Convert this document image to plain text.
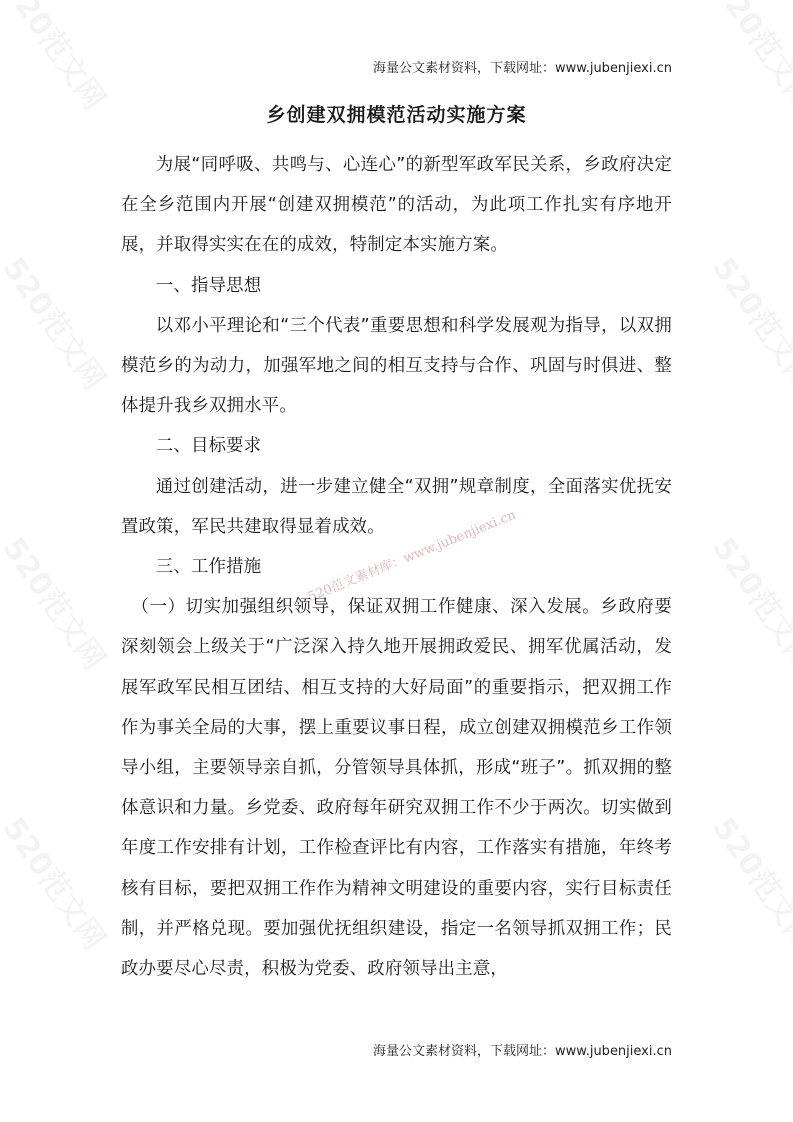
520范文素材库：www.jubenjiexi.cn
海量公文素材资料，下载网址：www.jubenjiexi.cn
乡创建双拥模范活动实施方案

为展“同呼吸、共鸣与、心连心”的新型军政军民关系，乡政府决定在全乡范围内开展“创建双拥模范”的活动，为此项工作扎实有序地开展，并取得实实在在的成效，特制定本实施方案。

一、指导思想

以邓小平理论和“三个代表”重要思想和科学发展观为指导，以双拥模范乡的为动力，加强军地之间的相互支持与合作、巩固与时俱进、整体提升我乡双拥水平。

二、目标要求

通过创建活动，进一步建立健全“双拥”规章制度，全面落实优抚安置政策，军民共建取得显着成效。

三、工作措施

（一）切实加强组织领导，保证双拥工作健康、深入发展。乡政府要深刻领会上级关于“广泛深入持久地开展拥政爱民、拥军优属活动，发展军政军民相互团结、相互支持的大好局面”的重要指示，把双拥工作作为事关全局的大事，摆上重要议事日程，成立创建双拥模范乡工作领导小组，主要领导亲自抓，分管领导具体抓，形成“班子”。抓双拥的整体意识和力量。乡党委、政府每年研究双拥工作不少于两次。切实做到年度工作安排有计划，工作检查评比有内容，工作落实有措施，年终考核有目标，要把双拥工作作为精神文明建设的重要内容，实行目标责任制，并严格兑现。要加强优抚组织建设，指定一名领导抓双拥工作；民政办要尽心尽责，积极为党委、政府领导出主意，

海量公文素材资料，下载网址：www.jubenjiexi.cn
